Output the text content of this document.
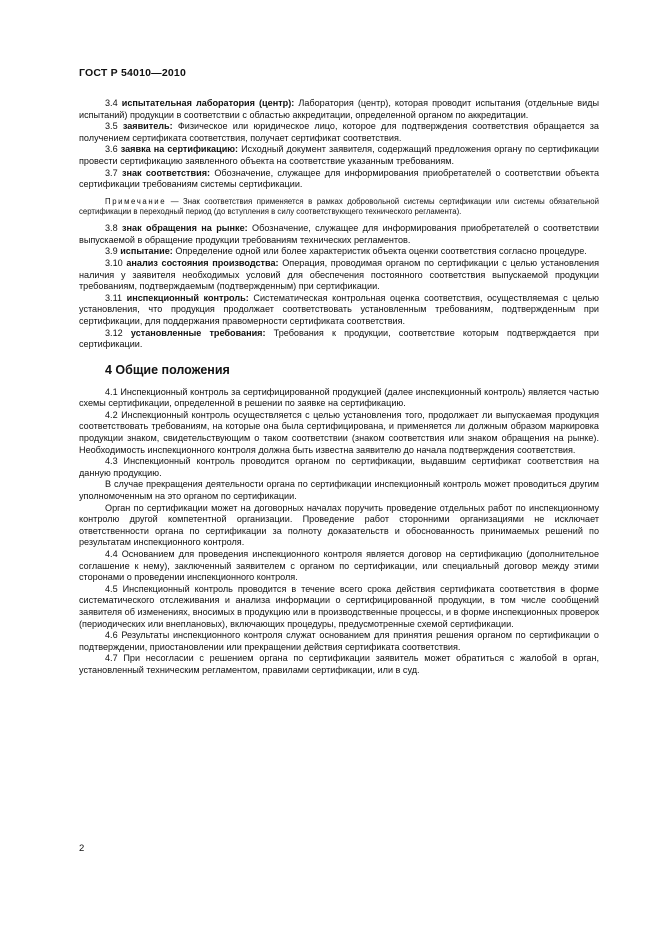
ГОСТ Р 54010—2010

3.4 испытательная лаборатория (центр): Лаборатория (центр), которая проводит испытания (отдельные виды испытаний) продукции в соответствии с областью аккредитации, определенной органом по аккредитации.

3.5 заявитель: Физическое или юридическое лицо, которое для подтверждения соответствия обращается за получением сертификата соответствия, получает сертификат соответствия.

3.6 заявка на сертификацию: Исходный документ заявителя, содержащий предложения органу по сертификации провести сертификацию заявленного объекта на соответствие указанным требованиям.

3.7 знак соответствия: Обозначение, служащее для информирования приобретателей о соответствии объекта сертификации требованиям системы сертификации.

Примечание — Знак соответствия применяется в рамках добровольной системы сертификации или системы обязательной сертификации в переходный период (до вступления в силу соответствующего технического регламента).

3.8 знак обращения на рынке: Обозначение, служащее для информирования приобретателей о соответствии выпускаемой в обращение продукции требованиям технических регламентов.

3.9 испытание: Определение одной или более характеристик объекта оценки соответствия согласно процедуре.

3.10 анализ состояния производства: Операция, проводимая органом по сертификации с целью установления наличия у заявителя необходимых условий для обеспечения постоянного соответствия выпускаемой продукции требованиям, подтверждаемым (подтвержденным) при сертификации.

3.11 инспекционный контроль: Систематическая контрольная оценка соответствия, осуществляемая с целью установления, что продукция продолжает соответствовать установленным требованиям, подтвержденным при сертификации, для поддержания правомерности сертификата соответствия.

3.12 установленные требования: Требования к продукции, соответствие которым подтверждается при сертификации.

4 Общие положения

4.1 Инспекционный контроль за сертифицированной продукцией (далее инспекционный контроль) является частью схемы сертификации, определенной в решении по заявке на сертификацию.

4.2 Инспекционный контроль осуществляется с целью установления того, продолжает ли выпускаемая продукция соответствовать требованиям, на которые она была сертифицирована, и применяется ли должным образом маркировка продукции знаком, свидетельствующим о таком соответствии (знаком соответствия или знаком обращения на рынке). Необходимость инспекционного контроля должна быть известна заявителю до начала подтверждения соответствия.

4.3 Инспекционный контроль проводится органом по сертификации, выдавшим сертификат соответствия на данную продукцию.

В случае прекращения деятельности органа по сертификации инспекционный контроль может проводиться другим уполномоченным на это органом по сертификации.

Орган по сертификации может на договорных началах поручить проведение отдельных работ по инспекционному контролю другой компетентной организации. Проведение работ сторонними организациями не исключает ответственности органа по сертификации за полноту доказательств и обоснованность принимаемых решений по результатам инспекционного контроля.

4.4 Основанием для проведения инспекционного контроля является договор на сертификацию (дополнительное соглашение к нему), заключенный заявителем с органом по сертификации, или специальный договор между этими сторонами о проведении инспекционного контроля.

4.5 Инспекционный контроль проводится в течение всего срока действия сертификата соответствия в форме систематического отслеживания и анализа информации о сертифицированной продукции, в том числе сообщений заявителя об изменениях, вносимых в продукцию или в производственные процессы, и в форме инспекционных проверок (периодических или внеплановых), включающих процедуры, предусмотренные схемой сертификации.

4.6 Результаты инспекционного контроля служат основанием для принятия решения органом по сертификации о подтверждении, приостановлении или прекращении действия сертификата соответствия.

4.7 При несогласии с решением органа по сертификации заявитель может обратиться с жалобой в орган, установленный техническим регламентом, правилами сертификации, или в суд.

2
